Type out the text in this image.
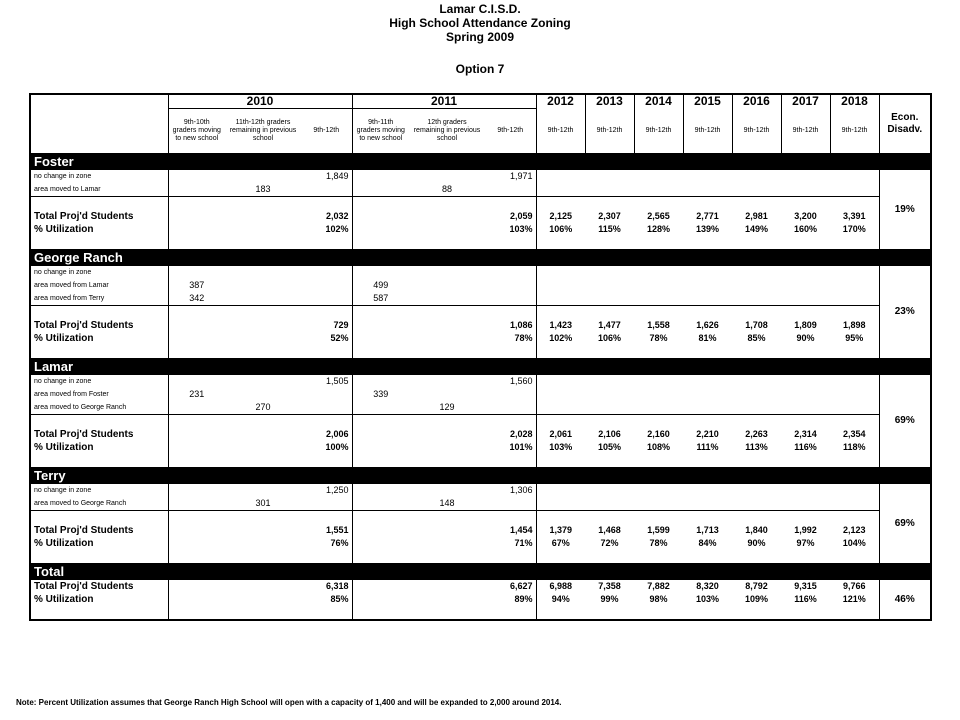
Lamar C.I.S.D.
High School Attendance Zoning
Spring 2009
Option 7
	2010			2011			2012	2013	2014	2015	2016	2017	2018	Econ. Disadv.
	9th-10th graders moving to new school	11th-12th graders remaining in previous school	9th-12th	9th-11th graders moving to new school	12th graders remaining in previous school	9th-12th	9th-12th	9th-12th	9th-12th	9th-12th	9th-12th	9th-12th	9th-12th	
Foster														
no change in zone			1,849			1,971								19%
area moved to Lamar		183			88									

Total Proj'd Students			2,032			2,059	2,125	2,307	2,565	2,771	2,981	3,200	3,391	
% Utilization			102%			103%	106%	115%	128%	139%	149%	160%	170%	

George Ranch														
no change in zone														23%
area moved from Lamar	387			499										
area moved from Terry	342			587										

Total Proj'd Students			729			1,086	1,423	1,477	1,558	1,626	1,708	1,809	1,898	
% Utilization			52%			78%	102%	106%	78%	81%	85%	90%	95%	

Lamar														
no change in zone			1,505			1,560								69%
area moved from Foster	231			339										
area moved to George Ranch		270			129									

Total Proj'd Students			2,006			2,028	2,061	2,106	2,160	2,210	2,263	2,314	2,354	
% Utilization			100%			101%	103%	105%	108%	111%	113%	116%	118%	

Terry														
no change in zone			1,250			1,306								69%
area moved to George Ranch		301			148									

Total Proj'd Students			1,551			1,454	1,379	1,468	1,599	1,713	1,840	1,992	2,123	
% Utilization			76%			71%	67%	72%	78%	84%	90%	97%	104%	

Total														
Total Proj'd Students			6,318			6,627	6,988	7,358	7,882	8,320	8,792	9,315	9,766	46%
% Utilization			85%			89%	94%	99%	98%	103%	109%	116%	121%	

Note: Percent Utilization assumes that George Ranch High School will open with a capacity of 1,400 and will be expanded to 2,000 around 2014.
